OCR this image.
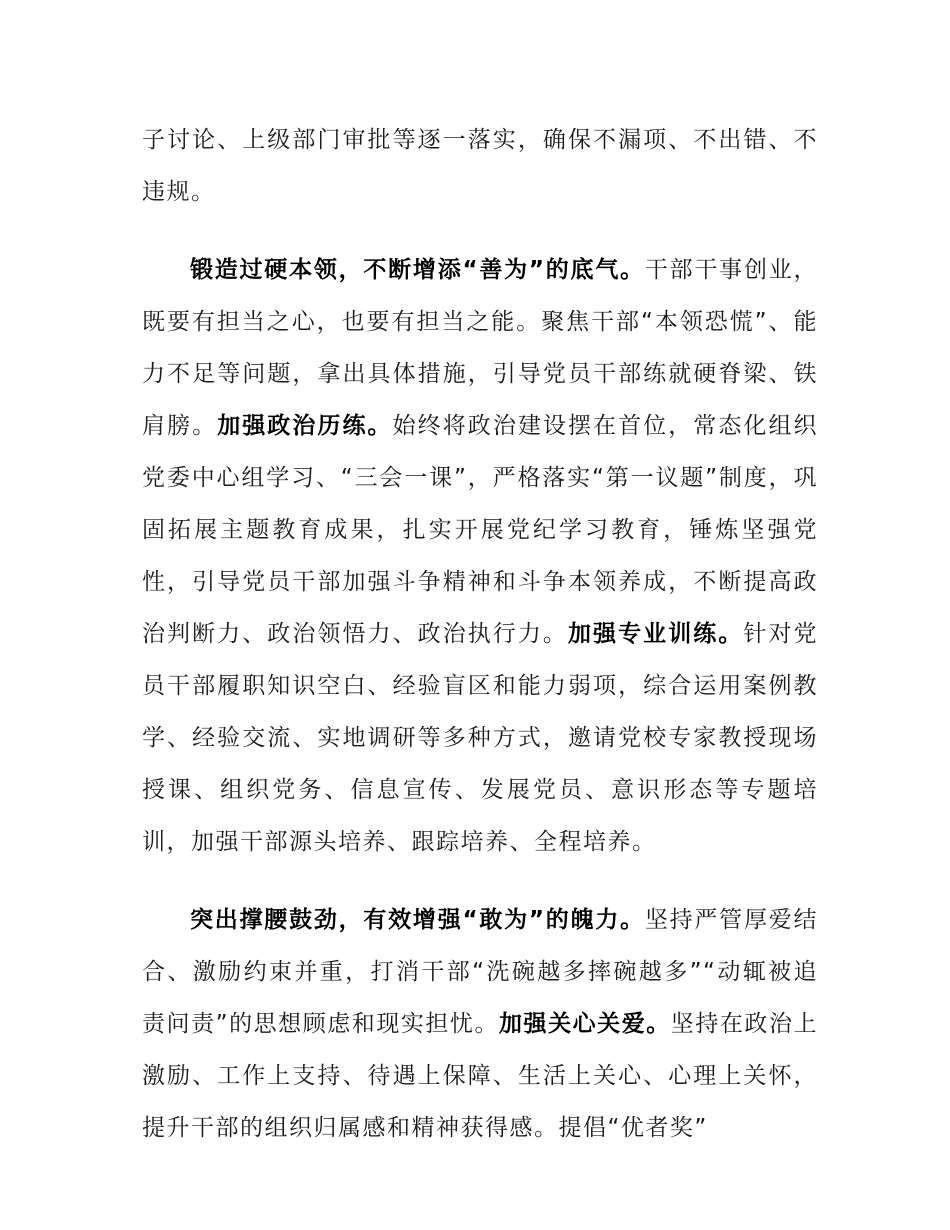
子讨论、上级部门审批等逐一落实，确保不漏项、不出错、不违规。

锻造过硬本领，不断增添“善为”的底气。干部干事创业，既要有担当之心，也要有担当之能。聚焦干部“本领恐慌”、能力不足等问题，拿出具体措施，引导党员干部练就硬脊梁、铁肩膀。加强政治历练。始终将政治建设摆在首位，常态化组织党委中心组学习、“三会一课”，严格落实“第一议题”制度，巩固拓展主题教育成果，扎实开展党纪学习教育，锤炼坚强党性，引导党员干部加强斗争精神和斗争本领养成，不断提高政治判断力、政治领悟力、政治执行力。加强专业训练。针对党员干部履职知识空白、经验盲区和能力弱项，综合运用案例教学、经验交流、实地调研等多种方式，邀请党校专家教授现场授课、组织党务、信息宣传、发展党员、意识形态等专题培训，加强干部源头培养、跟踪培养、全程培养。

突出撑腰鼓劲，有效增强“敢为”的魄力。坚持严管厚爱结合、激励约束并重，打消干部“洗碗越多摔碗越多”“动辄被追责问责”的思想顾虑和现实担忧。加强关心关爱。坚持在政治上激励、工作上支持、待遇上保障、生活上关心、心理上关怀，提升干部的组织归属感和精神获得感。提倡“优者奖”
